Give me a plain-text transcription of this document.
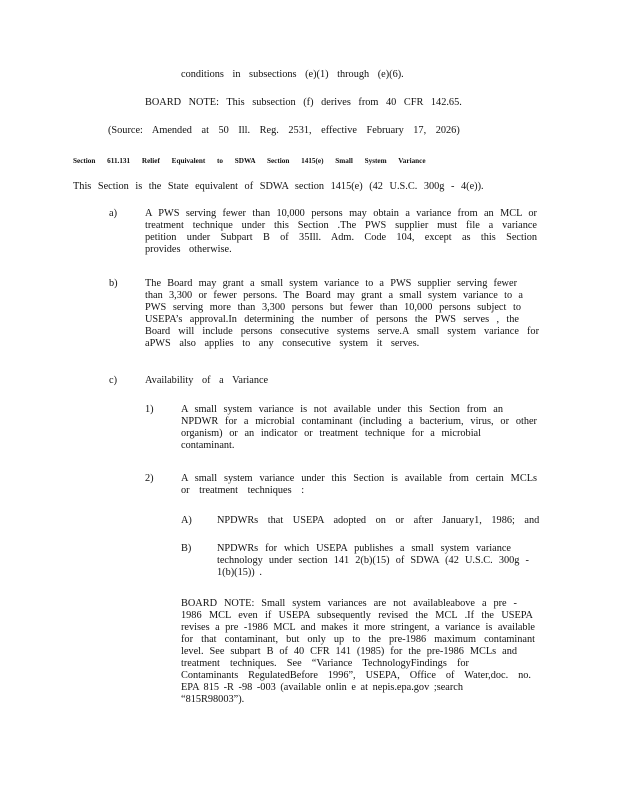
conditions in subsections (e)(1) through (e)(6).
BOARD NOTE: This subsection (f) derives from 40 CFR 142.65.
(Source: Amended at 50 Ill. Reg. 2531, effective February 17, 2026)
Section 611.131 Relief Equivalent to SDWA Section 1415(e) Small System Variance
This Section is the State equivalent of SDWA section 1415(e) (42 U.S.C. 300g - 4(e)).
a)	A PWS serving fewer than 10,000 persons may obtain a variance from an MCL or
treatment technique under this Section .The PWS supplier must file a variance
petition under Subpart B of 35Ill. Adm. Code 104, except as this Section
provides otherwise.
b)	The Board may grant a small system variance to a PWS supplier serving fewer
than 3,300 or fewer persons. The Board may grant a small system variance to a
PWS serving more than 3,300 persons but fewer than 10,000 persons subject to
USEPA’s approval.In determining the number of persons the PWS serves , the
Board will include persons consecutive systems serve.A small system variance for
aPWS also applies to any consecutive system it serves.
c)	Availability of a Variance
1)	A small system variance is not available under this Section from an
NPDWR for a microbial contaminant (including a bacterium, virus, or other
organism) or an indicator or treatment technique for a microbial
contaminant.
2)	A small system variance under this Section is available from certain MCLs
or treatment techniques :
A) NPDWRs that USEPA adopted on or after January1, 1986; and
B) NPDWRs for which USEPA publishes a small system variance
technology under section 141 2(b)(15) of SDWA (42 U.S.C. 300g -
1(b)(15)) .
BOARD NOTE: Small system variances are not availableabove a pre -
1986 MCL even if USEPA subsequently revised the MCL .If the USEPA
revises a pre -1986 MCL and makes it more stringent, a variance is available
for that contaminant, but only up to the pre-1986 maximum contaminant
level. See subpart B of 40 CFR 141 (1985) for the pre-1986 MCLs and
treatment techniques. See “Variance TechnologyFindings for
Contaminants RegulatedBefore 1996”, USEPA, Office of Water,doc. no.
EPA 815 -R -98 -003 (available onlin e at nepis.epa.gov ;search
“815R98003”).
